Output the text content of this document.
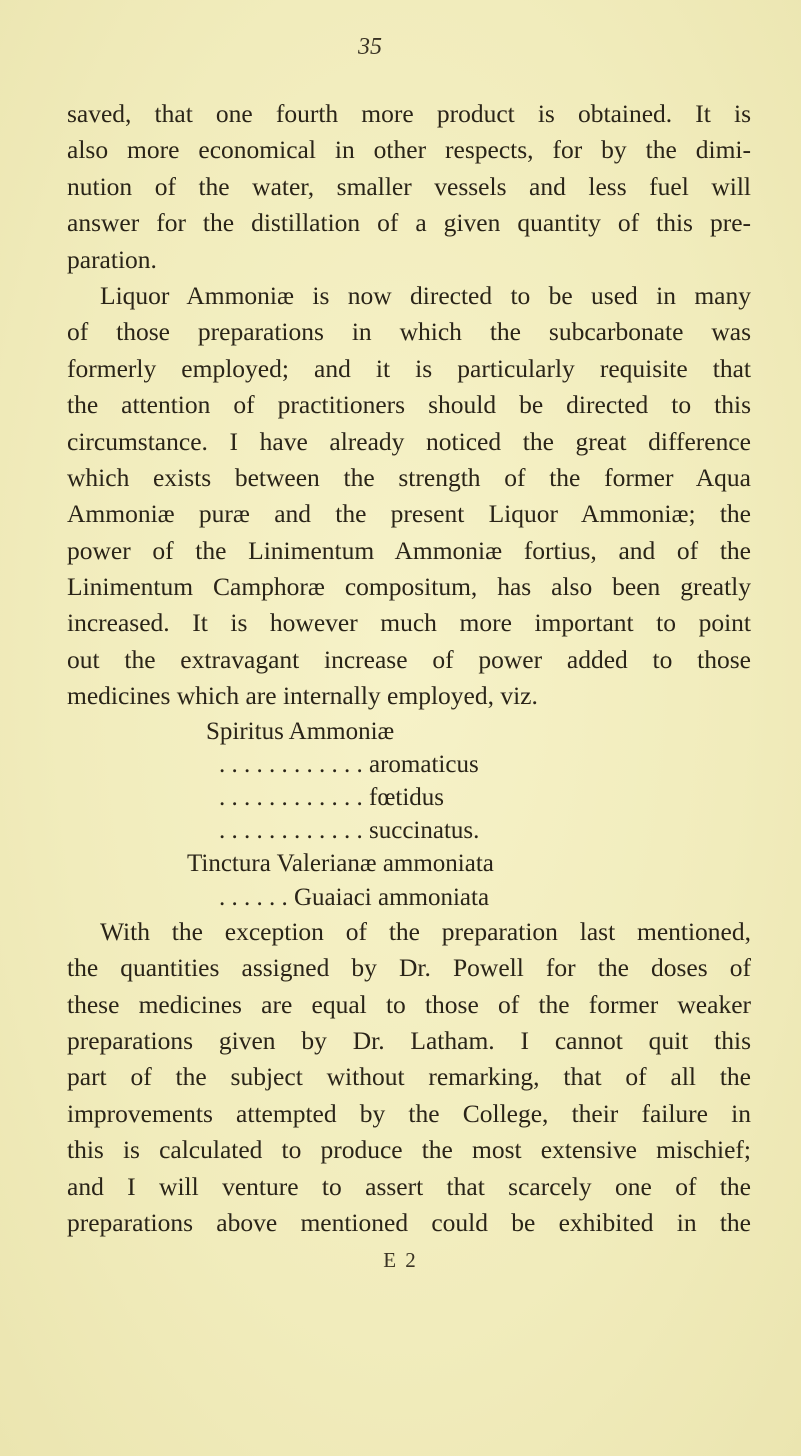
35
saved, that one fourth more product is obtained. It is
also more economical in other respects, for by the dimi-
nution of the water, smaller vessels and less fuel will
answer for the distillation of a given quantity of this pre-
paration.
Liquor Ammoniæ is now directed to be used in many
of those preparations in which the subcarbonate was
formerly employed; and it is particularly requisite that
the attention of practitioners should be directed to this
circumstance. I have already noticed the great difference
which exists between the strength of the former Aqua
Ammoniæ puræ and the present Liquor Ammoniæ; the
power of the Linimentum Ammoniæ fortius, and of the
Linimentum Camphoræ compositum, has also been greatly
increased. It is however much more important to point
out the extravagant increase of power added to those
medicines which are internally employed, viz.
Spiritus Ammoniæ
. . . . . . . . . . . . aromaticus
. . . . . . . . . . . . fœtidus
. . . . . . . . . . . . succinatus.
Tinctura Valerianæ ammoniata
. . . . . . Guaiaci ammoniata
With the exception of the preparation last mentioned,
the quantities assigned by Dr. Powell for the doses of
these medicines are equal to those of the former weaker
preparations given by Dr. Latham. I cannot quit this
part of the subject without remarking, that of all the
improvements attempted by the College, their failure in
this is calculated to produce the most extensive mischief;
and I will venture to assert that scarcely one of the
preparations above mentioned could be exhibited in the
E 2
